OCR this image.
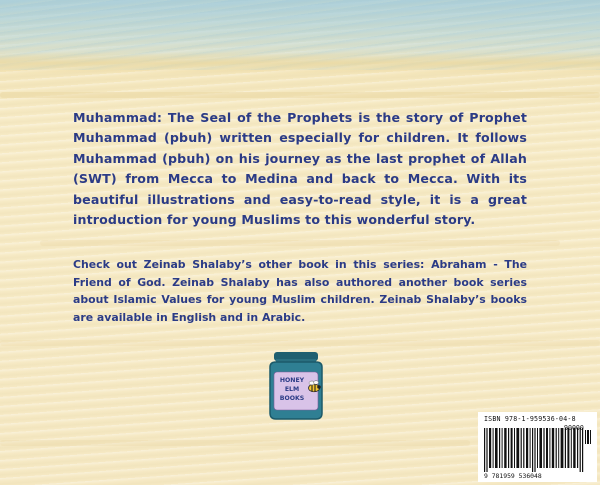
Muhammad: The Seal of the Prophets is the story of Prophet Muhammad (pbuh) written especially for children. It follows Muhammad (pbuh) on his journey as the last prophet of Allah (SWT) from Mecca to Medina and back to Mecca. With its beautiful illustrations and easy-to-read style, it is a great introduction for young Muslims to this wonderful story.

Check out Zeinab Shalaby’s other book in this series: Abraham - The Friend of God. Zeinab Shalaby has also authored another book series about Islamic Values for young Muslim children. Zeinab Shalaby’s books are available in English and in Arabic.

HONEY
ELM
BOOKS
ISBN 978-1-959536-04-8
9 781959 536048
